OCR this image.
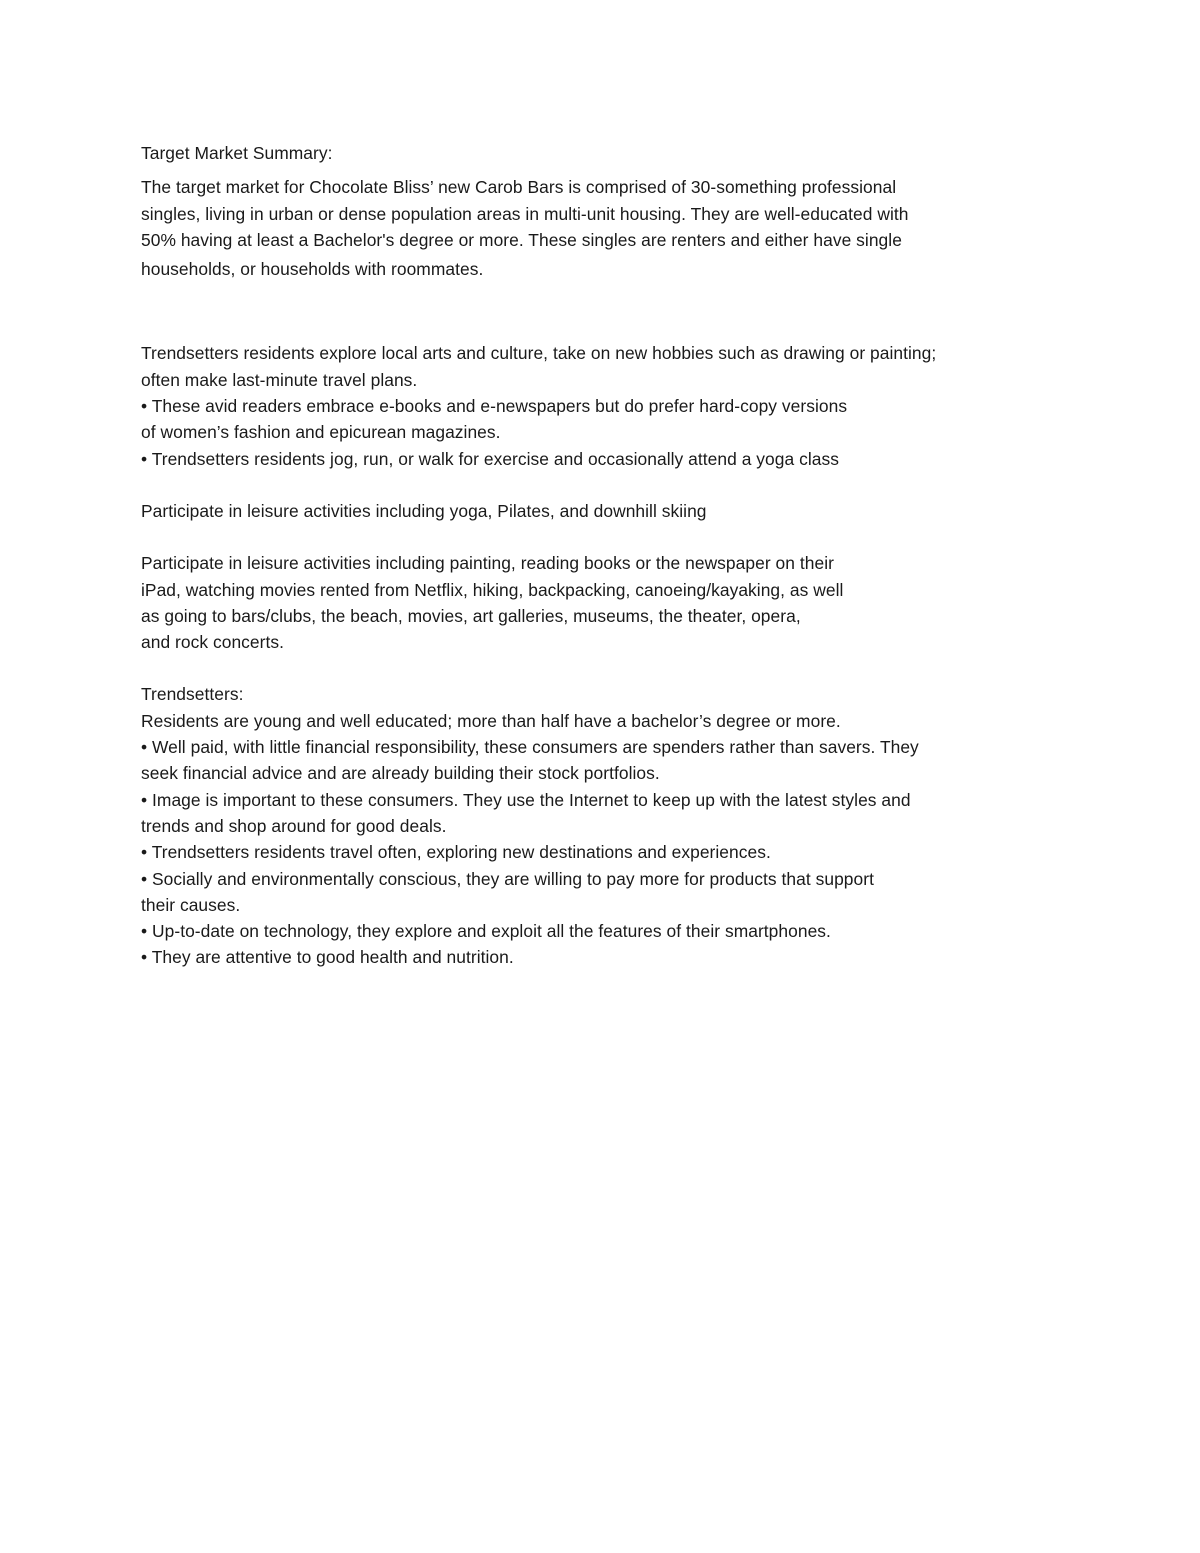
Target Market Summary:
The target market for Chocolate Bliss’ new Carob Bars is comprised of 30-something professional
singles, living in urban or dense population areas in multi-unit housing. They are well-educated with
50% having at least a Bachelor's degree or more. These singles are renters and either have single
households, or households with roommates.
Trendsetters residents explore local arts and culture, take on new hobbies such as drawing or painting;
often make last-minute travel plans.
• These avid readers embrace e-books and e-newspapers but do prefer hard-copy versions
of women’s fashion and epicurean magazines.
• Trendsetters residents jog, run, or walk for exercise and occasionally attend a yoga class
Participate in leisure activities including yoga, Pilates, and downhill skiing
Participate in leisure activities including painting, reading books or the newspaper on their
iPad, watching movies rented from Netflix, hiking, backpacking, canoeing/kayaking, as well
as going to bars/clubs, the beach, movies, art galleries, museums, the theater, opera,
and rock concerts.
Trendsetters:
Residents are young and well educated; more than half have a bachelor’s degree or more.
• Well paid, with little financial responsibility, these consumers are spenders rather than savers. They
seek financial advice and are already building their stock portfolios.
• Image is important to these consumers. They use the Internet to keep up with the latest styles and
trends and shop around for good deals.
• Trendsetters residents travel often, exploring new destinations and experiences.
• Socially and environmentally conscious, they are willing to pay more for products that support
their causes.
• Up-to-date on technology, they explore and exploit all the features of their smartphones.
• They are attentive to good health and nutrition.
